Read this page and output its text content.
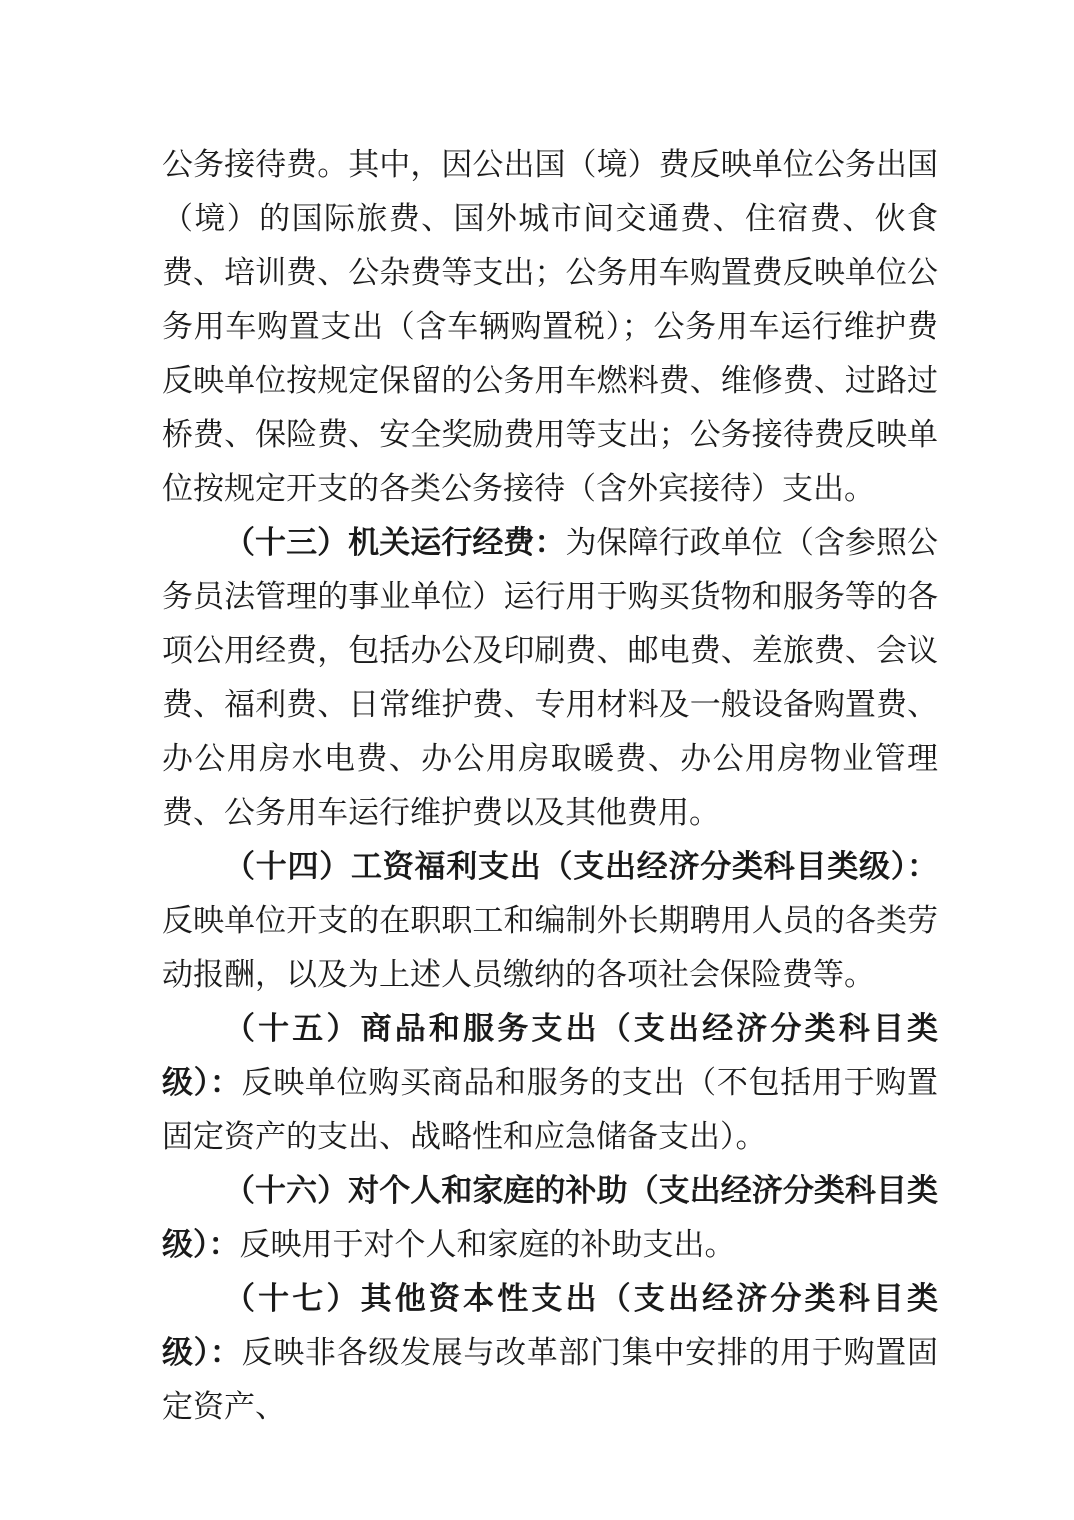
公务接待费。其中，因公出国（境）费反映单位公务出国（境）的国际旅费、国外城市间交通费、住宿费、伙食费、培训费、公杂费等支出；公务用车购置费反映单位公务用车购置支出（含车辆购置税）；公务用车运行维护费反映单位按规定保留的公务用车燃料费、维修费、过路过桥费、保险费、安全奖励费用等支出；公务接待费反映单位按规定开支的各类公务接待（含外宾接待）支出。

（十三）机关运行经费：为保障行政单位（含参照公务员法管理的事业单位）运行用于购买货物和服务等的各项公用经费，包括办公及印刷费、邮电费、差旅费、会议费、福利费、日常维护费、专用材料及一般设备购置费、办公用房水电费、办公用房取暖费、办公用房物业管理费、公务用车运行维护费以及其他费用。

（十四）工资福利支出（支出经济分类科目类级）：反映单位开支的在职职工和编制外长期聘用人员的各类劳动报酬，以及为上述人员缴纳的各项社会保险费等。

（十五）商品和服务支出（支出经济分类科目类级）：反映单位购买商品和服务的支出（不包括用于购置固定资产的支出、战略性和应急储备支出）。

（十六）对个人和家庭的补助（支出经济分类科目类级）：反映用于对个人和家庭的补助支出。

（十七）其他资本性支出（支出经济分类科目类级）：反映非各级发展与改革部门集中安排的用于购置固定资产、
